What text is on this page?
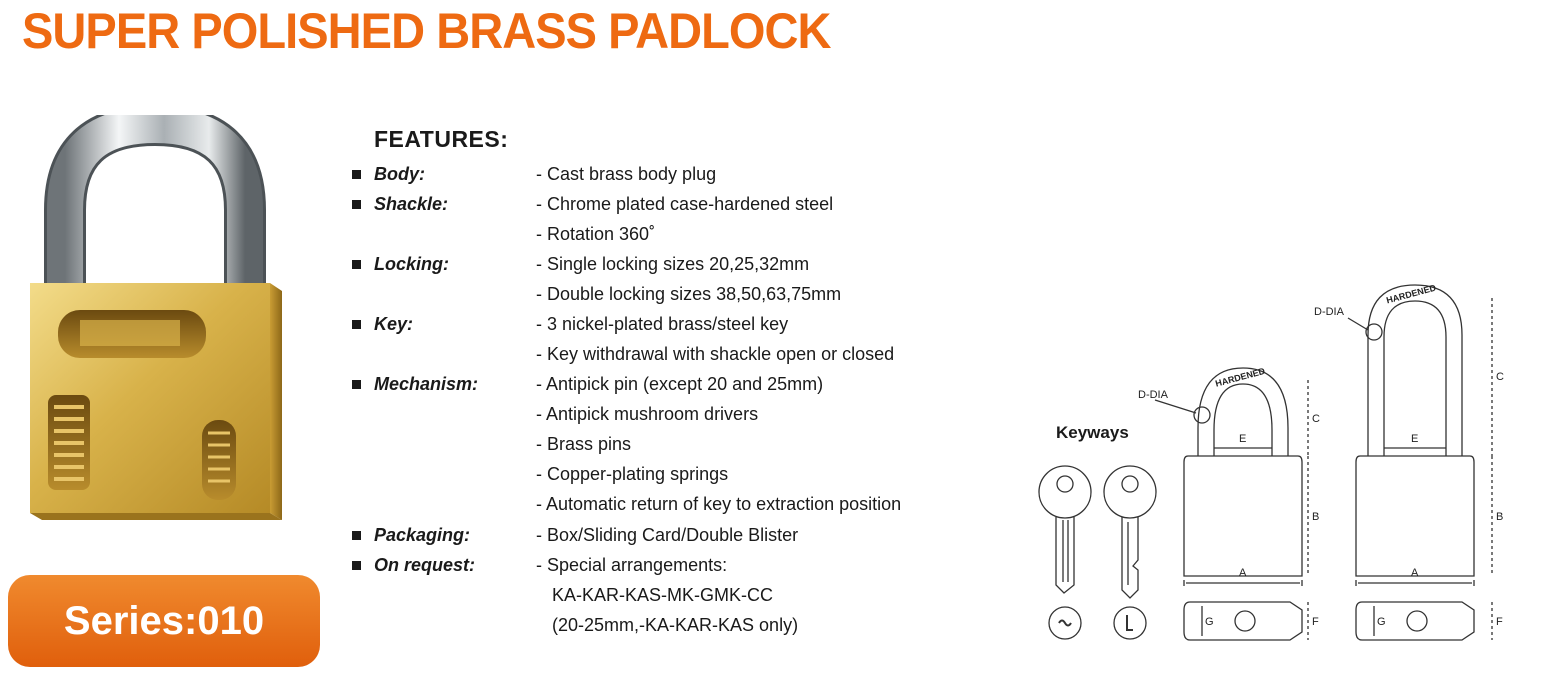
SUPER POLISHED BRASS PADLOCK
Series:010
FEATURES:
Body:	- Cast brass body plug
Shackle:	- Chrome plated case-hardened steel
- Rotation 360˚
Locking:	- Single locking sizes 20,25,32mm
- Double locking sizes 38,50,63,75mm
Key:	- 3 nickel-plated brass/steel key
- Key withdrawal with shackle open or closed
Mechanism:	- Antipick pin (except 20 and 25mm)
- Antipick mushroom drivers
- Brass pins
- Copper-plating springs
- Automatic return of key to extraction position
Packaging:	- Box/Sliding Card/Double Blister
On request:	- Special arrangements:
KA-KAR-KAS-MK-GMK-CC
(20-25mm,-KA-KAR-KAS only)
Keyways
D-DIA
D-DIA
HARDENED
HARDENED
E	E
A	A
B	B
C
C
F	F
G	G
